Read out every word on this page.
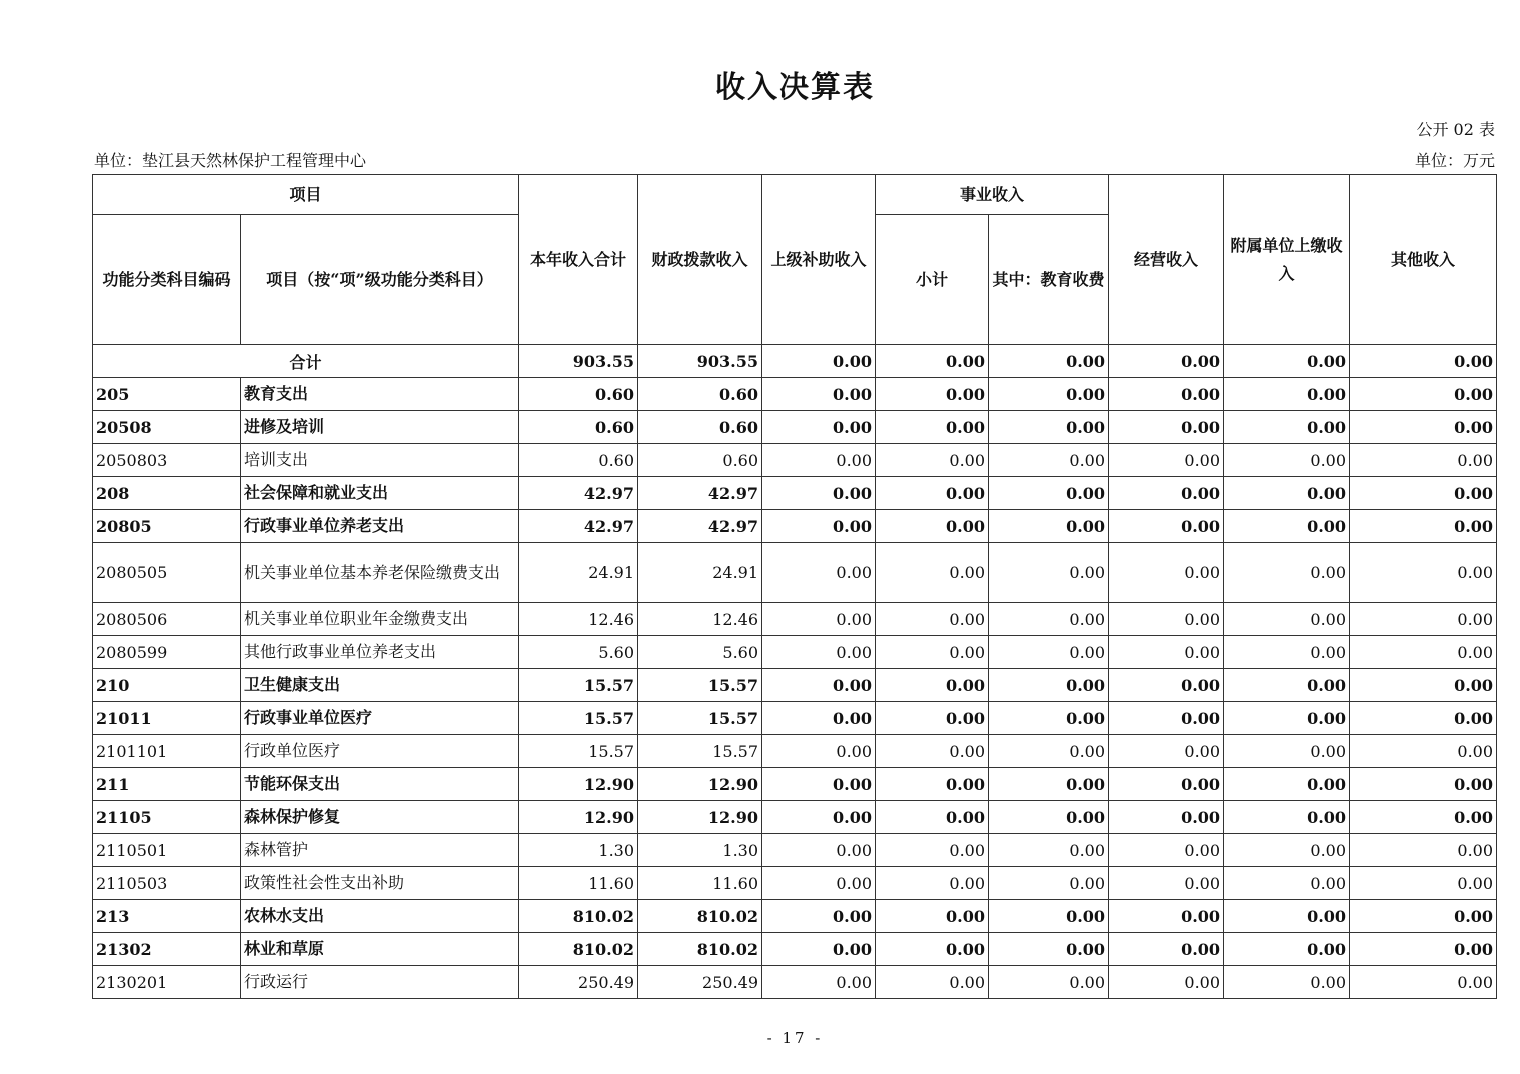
收入决算表
公开 02 表
单位：垫江县天然林保护工程管理中心	单位：万元
项目		本年收入合计	财政拨款收入	上级补助收入	事业收入		经营收入	附属单位上缴收入	其他收入
功能分类科目编码	项目（按“项”级功能分类科目）				小计	其中：教育收费			
合计		903.55	903.55	0.00	0.00	0.00	0.00	0.00	0.00
205	教育支出	0.60	0.60	0.00	0.00	0.00	0.00	0.00	0.00
20508	进修及培训	0.60	0.60	0.00	0.00	0.00	0.00	0.00	0.00
2050803	培训支出	0.60	0.60	0.00	0.00	0.00	0.00	0.00	0.00
208	社会保障和就业支出	42.97	42.97	0.00	0.00	0.00	0.00	0.00	0.00
20805	行政事业单位养老支出	42.97	42.97	0.00	0.00	0.00	0.00	0.00	0.00
2080505	机关事业单位基本养老保险缴费支出	24.91	24.91	0.00	0.00	0.00	0.00	0.00	0.00
2080506	机关事业单位职业年金缴费支出	12.46	12.46	0.00	0.00	0.00	0.00	0.00	0.00
2080599	其他行政事业单位养老支出	5.60	5.60	0.00	0.00	0.00	0.00	0.00	0.00
210	卫生健康支出	15.57	15.57	0.00	0.00	0.00	0.00	0.00	0.00
21011	行政事业单位医疗	15.57	15.57	0.00	0.00	0.00	0.00	0.00	0.00
2101101	行政单位医疗	15.57	15.57	0.00	0.00	0.00	0.00	0.00	0.00
211	节能环保支出	12.90	12.90	0.00	0.00	0.00	0.00	0.00	0.00
21105	森林保护修复	12.90	12.90	0.00	0.00	0.00	0.00	0.00	0.00
2110501	森林管护	1.30	1.30	0.00	0.00	0.00	0.00	0.00	0.00
2110503	政策性社会性支出补助	11.60	11.60	0.00	0.00	0.00	0.00	0.00	0.00
213	农林水支出	810.02	810.02	0.00	0.00	0.00	0.00	0.00	0.00
21302	林业和草原	810.02	810.02	0.00	0.00	0.00	0.00	0.00	0.00
2130201	行政运行	250.49	250.49	0.00	0.00	0.00	0.00	0.00	0.00
- 17 -
